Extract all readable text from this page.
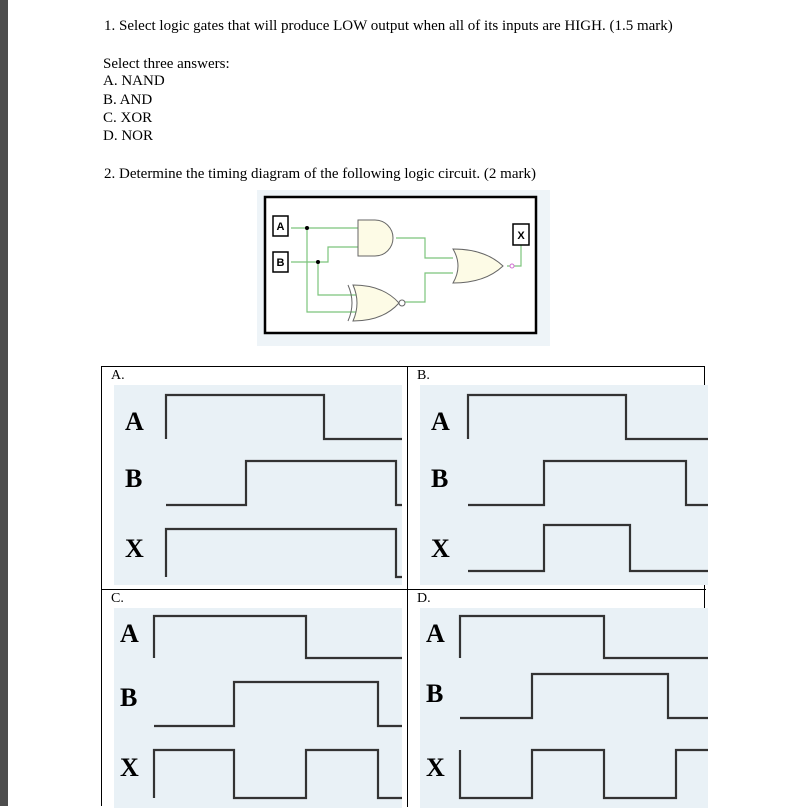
1. Select logic gates that will produce LOW output when all of its inputs are HIGH. (1.5 mark)
Select three answers:
A. NAND
B. AND
C. XOR
D. NOR
2. Determine the timing diagram of the following logic circuit. (2 mark)
A
B
X
A.
A
B
X
B.
A
B
X
C.
A
B
X
D.
A
B
X
